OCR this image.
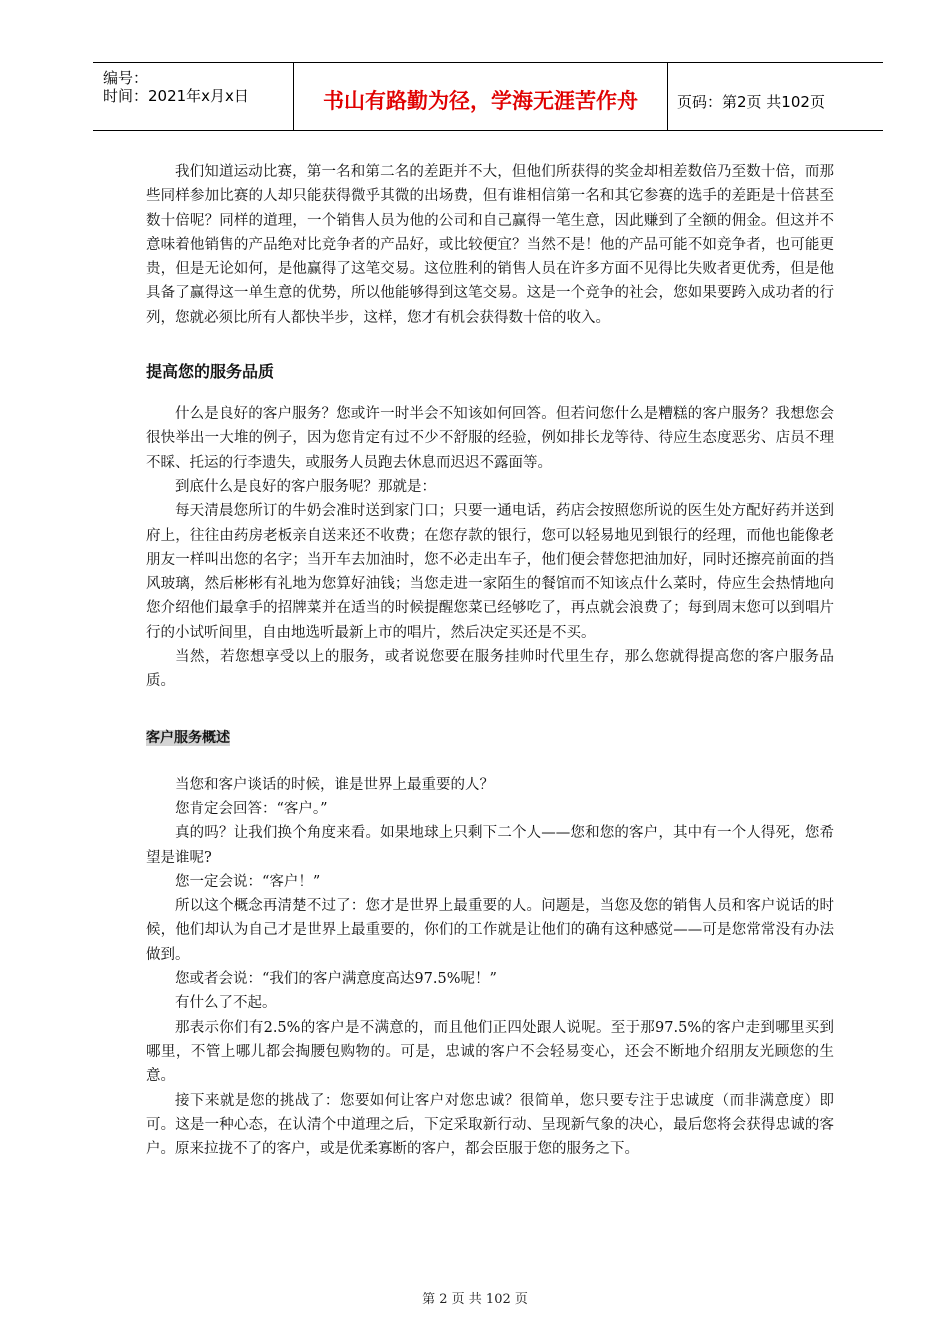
编号：
时间：2021年x月x日	书山有路勤为径，学海无涯苦作舟	页码：第2页 共102页

我们知道运动比赛，第一名和第二名的差距并不大，但他们所获得的奖金却相差数倍乃至数十倍，而那些同样参加比赛的人却只能获得微乎其微的出场费，但有谁相信第一名和其它参赛的选手的差距是十倍甚至数十倍呢？同样的道理，一个销售人员为他的公司和自己赢得一笔生意，因此赚到了全额的佣金。但这并不意味着他销售的产品绝对比竞争者的产品好，或比较便宜？当然不是！他的产品可能不如竞争者，也可能更贵，但是无论如何，是他赢得了这笔交易。这位胜利的销售人员在许多方面不见得比失败者更优秀，但是他具备了赢得这一单生意的优势，所以他能够得到这笔交易。这是一个竞争的社会，您如果要跨入成功者的行列，您就必须比所有人都快半步，这样，您才有机会获得数十倍的收入。

提高您的服务品质

什么是良好的客户服务？您或许一时半会不知该如何回答。但若问您什么是糟糕的客户服务？我想您会很快举出一大堆的例子，因为您肯定有过不少不舒服的经验，例如排长龙等待、待应生态度恶劣、店员不理不睬、托运的行李遗失，或服务人员跑去休息而迟迟不露面等。

到底什么是良好的客户服务呢？那就是：

每天清晨您所订的牛奶会准时送到家门口；只要一通电话，药店会按照您所说的医生处方配好药并送到府上，往往由药房老板亲自送来还不收费；在您存款的银行，您可以轻易地见到银行的经理，而他也能像老朋友一样叫出您的名字；当开车去加油时，您不必走出车子，他们便会替您把油加好，同时还擦亮前面的挡风玻璃，然后彬彬有礼地为您算好油钱；当您走进一家陌生的餐馆而不知该点什么菜时，侍应生会热情地向您介绍他们最拿手的招牌菜并在适当的时候提醒您菜已经够吃了，再点就会浪费了；每到周末您可以到唱片行的小试听间里，自由地选听最新上市的唱片，然后决定买还是不买。

当然，若您想享受以上的服务，或者说您要在服务挂帅时代里生存，那么您就得提高您的客户服务品质。

客户服务概述

当您和客户谈话的时候，谁是世界上最重要的人？

您肯定会回答：“客户。”

真的吗？让我们换个角度来看。如果地球上只剩下二个人——您和您的客户，其中有一个人得死，您希望是谁呢?

您一定会说：“客户！”

所以这个概念再清楚不过了：您才是世界上最重要的人。问题是，当您及您的销售人员和客户说话的时候，他们却认为自己才是世界上最重要的，你们的工作就是让他们的确有这种感觉——可是您常常没有办法做到。

您或者会说：“我们的客户满意度高达97.5%呢！”

有什么了不起。

那表示你们有2.5%的客户是不满意的，而且他们正四处跟人说呢。至于那97.5%的客户走到哪里买到哪里，不管上哪儿都会掏腰包购物的。可是，忠诚的客户不会轻易变心，还会不断地介绍朋友光顾您的生意。

接下来就是您的挑战了：您要如何让客户对您忠诚？很简单，您只要专注于忠诚度（而非满意度）即可。这是一种心态，在认清个中道理之后，下定采取新行动、呈现新气象的决心，最后您将会获得忠诚的客户。原来拉拢不了的客户，或是优柔寡断的客户，都会臣服于您的服务之下。

第 2 页 共 102 页
